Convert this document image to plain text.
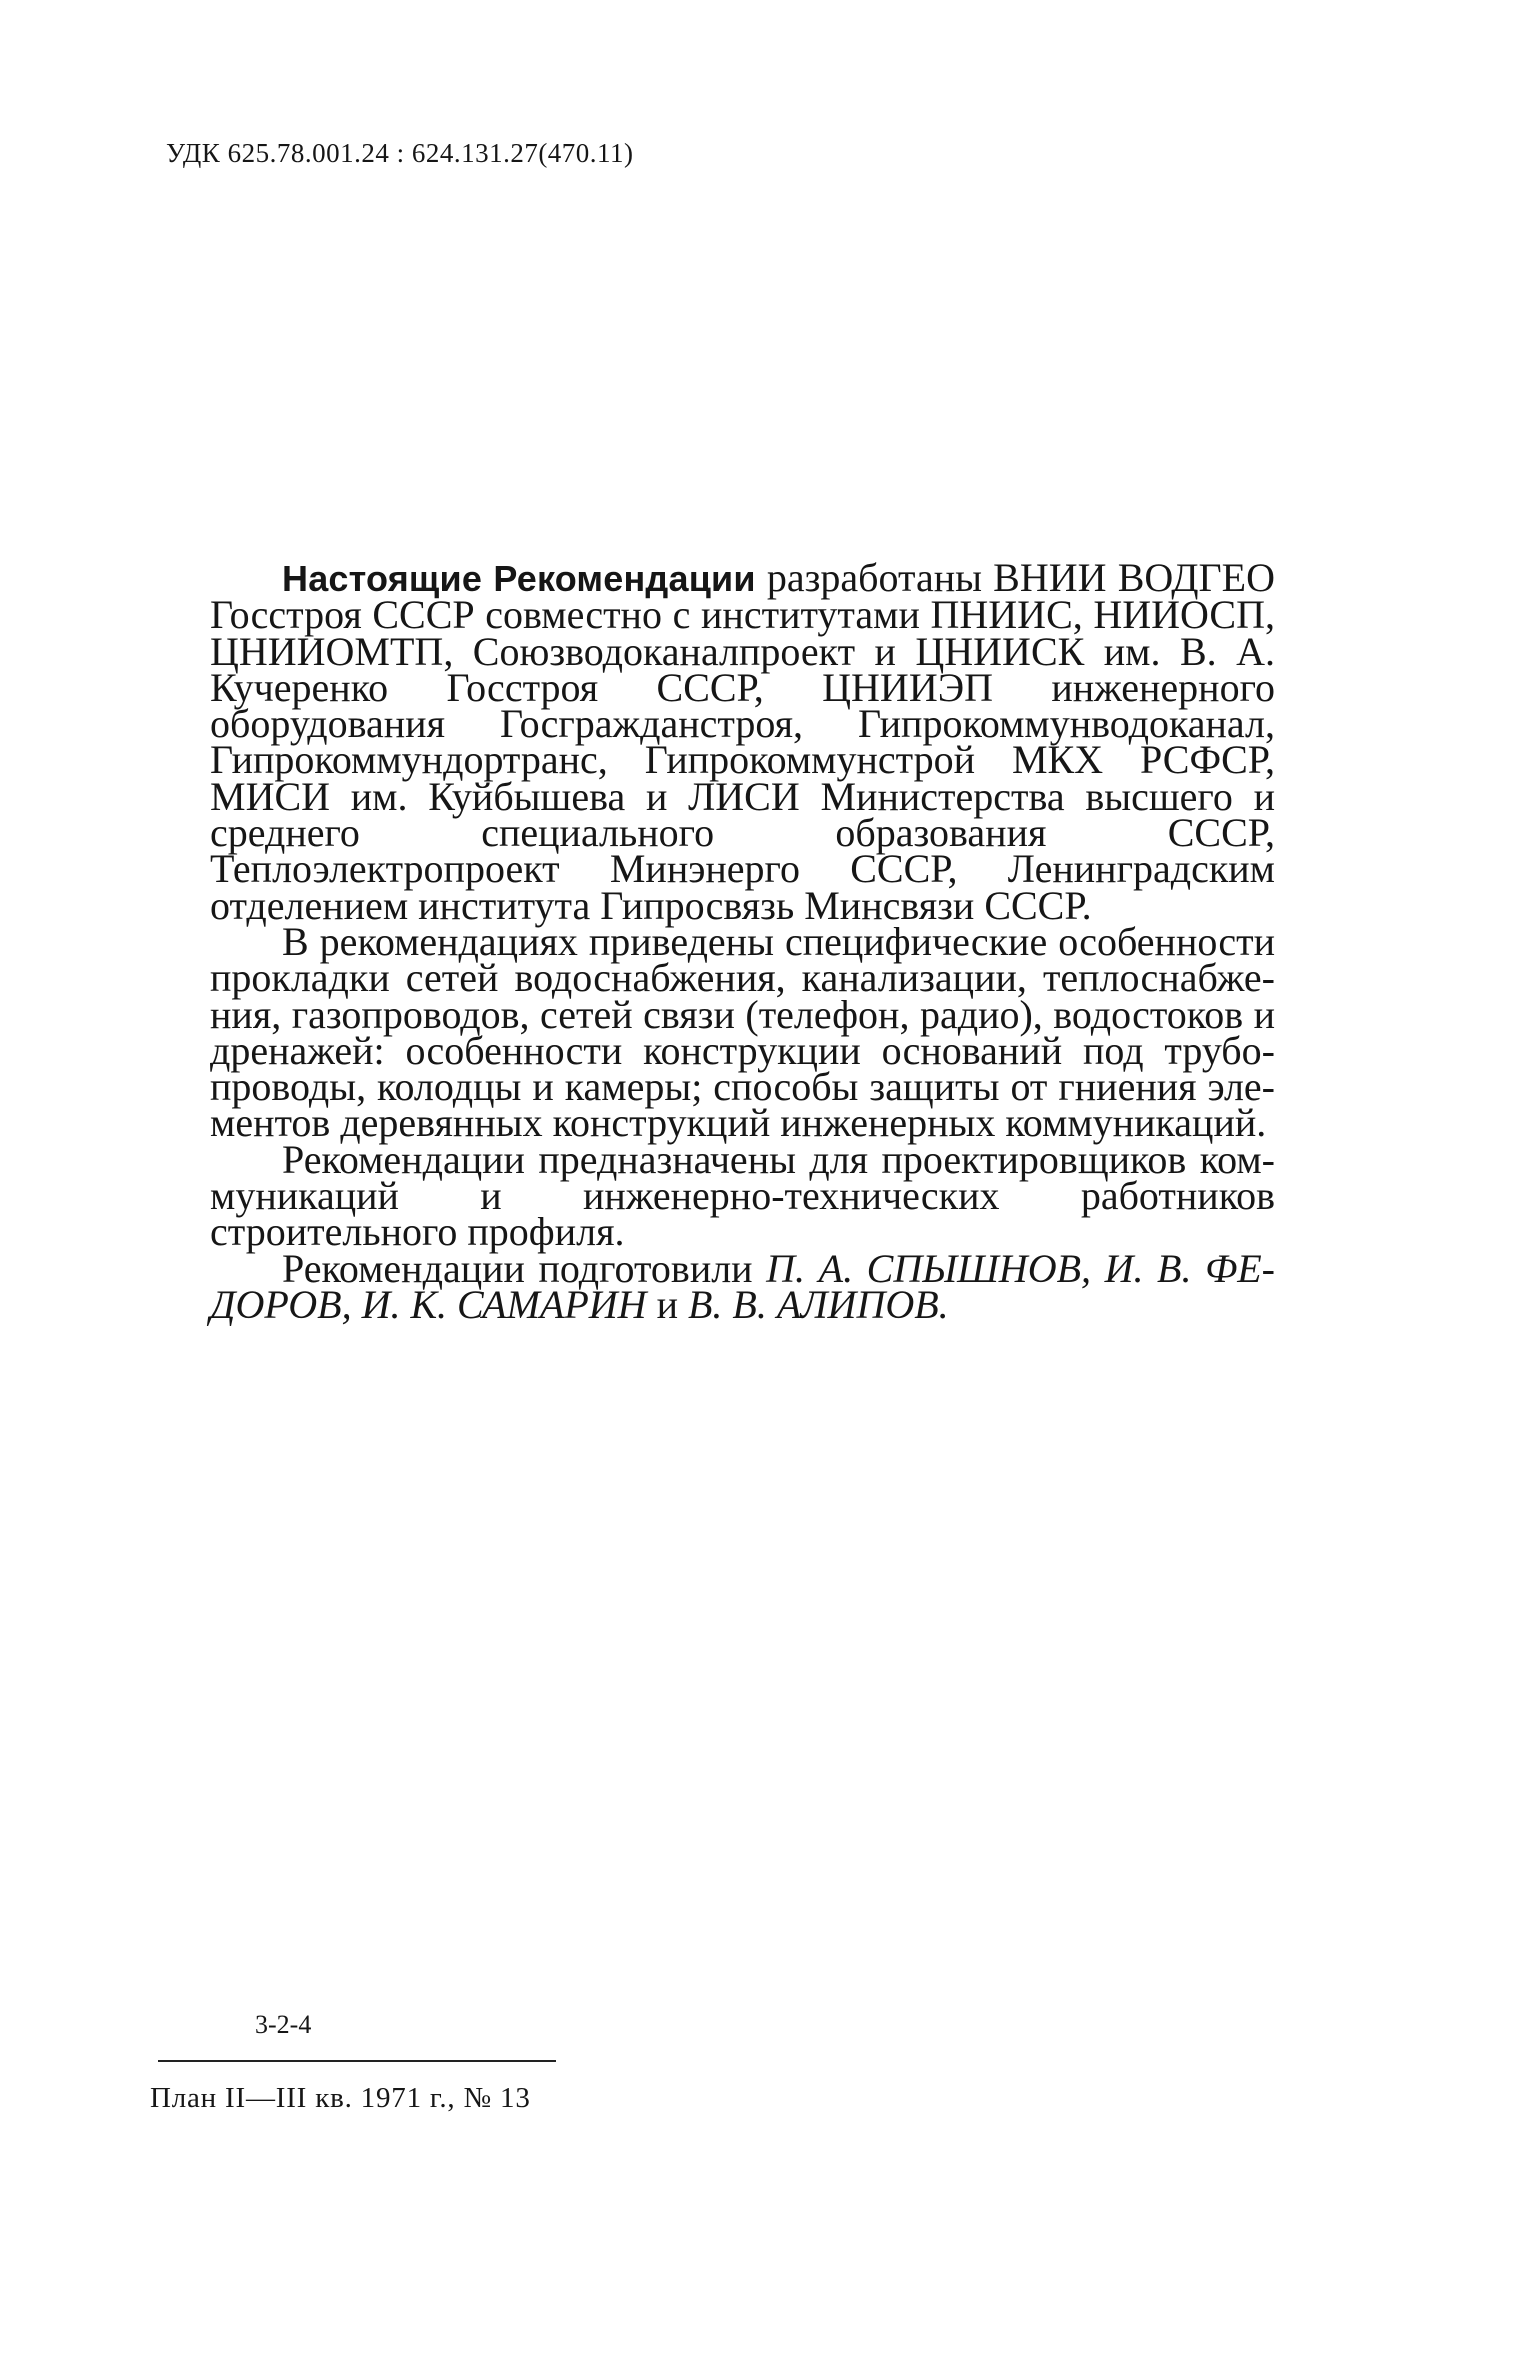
УДК 625.78.001.24 : 624.131.27(470.11)

Настоящие Рекомендации разработаны ВНИИ ВОДГЕО Госстроя СССР совместно с институтами ПНИИС, НИИОСП, ЦНИИОМТП, Союзводоканалпроект и ЦНИИСК им. В. А. Кучеренко Госстроя СССР, ЦНИИЭП инженерного оборудования Госгражданстроя, Гипрокоммунводоканал, Гипрокоммундортранс, Гипрокоммунстрой МКХ РСФСР, МИСИ им. Куйбышева и ЛИСИ Министерства высшего и среднего специального образования СССР, Теплоэлектропроект Минэнерго СССР, Ленинградским отделением института Гипросвязь Минсвязи СССР.

В рекомендациях приведены специфические особенности прокладки сетей водоснабжения, канализации, теплоснабжения, газопроводов, сетей связи (телефон, радио), водостоков и дренажей: особенности конструкции оснований под трубопроводы, колодцы и камеры; способы защиты от гниения элементов деревянных конструкций инженерных коммуникаций.

Рекомендации предназначены для проектировщиков коммуникаций и инженерно-технических работников строительного профиля.

Рекомендации подготовили П. А. СПЫШНОВ, И. В. ФЕДОРОВ, И. К. САМАРИН и В. В. АЛИПОВ.

3-2-4
План II—III кв. 1971 г., № 13
